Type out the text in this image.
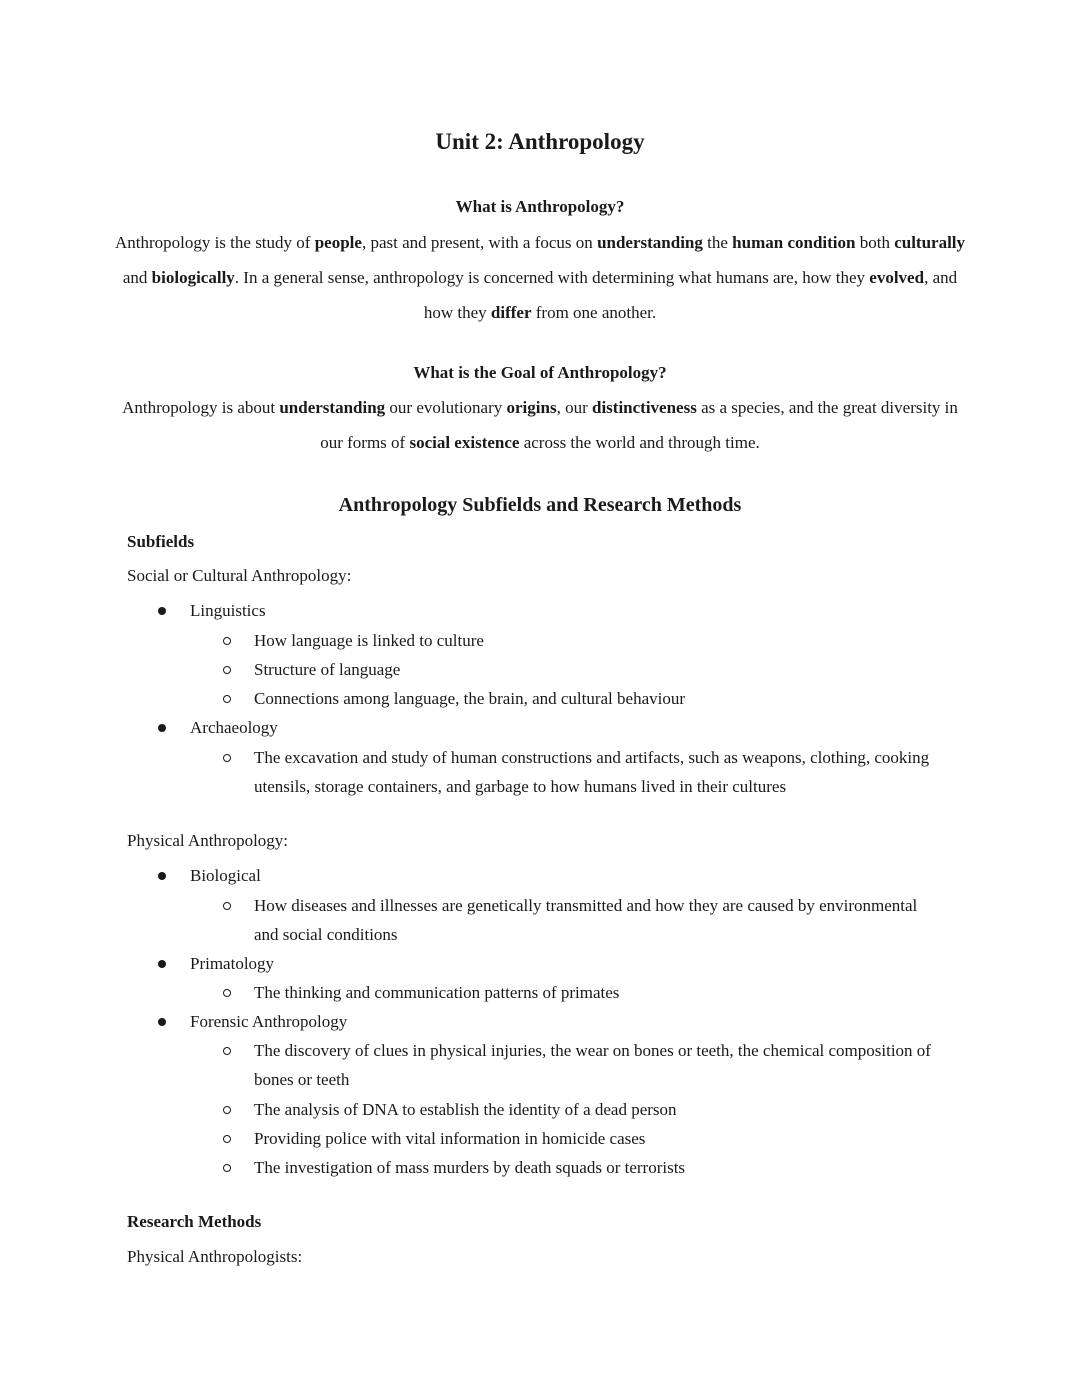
Unit 2: Anthropology
What is Anthropology?
Anthropology is the study of people, past and present, with a focus on understanding the human condition both culturally and biologically. In a general sense, anthropology is concerned with determining what humans are, how they evolved, and how they differ from one another.
What is the Goal of Anthropology?
Anthropology is about understanding our evolutionary origins, our distinctiveness as a species, and the great diversity in our forms of social existence across the world and through time.
Anthropology Subfields and Research Methods
Subfields
Social or Cultural Anthropology:
Linguistics
How language is linked to culture
Structure of language
Connections among language, the brain, and cultural behaviour
Archaeology
The excavation and study of human constructions and artifacts, such as weapons, clothing, cooking utensils, storage containers, and garbage to how humans lived in their cultures
Physical Anthropology:
Biological
How diseases and illnesses are genetically transmitted and how they are caused by environmental and social conditions
Primatology
The thinking and communication patterns of primates
Forensic Anthropology
The discovery of clues in physical injuries, the wear on bones or teeth, the chemical composition of bones or teeth
The analysis of DNA to establish the identity of a dead person
Providing police with vital information in homicide cases
The investigation of mass murders by death squads or terrorists
Research Methods
Physical Anthropologists:
